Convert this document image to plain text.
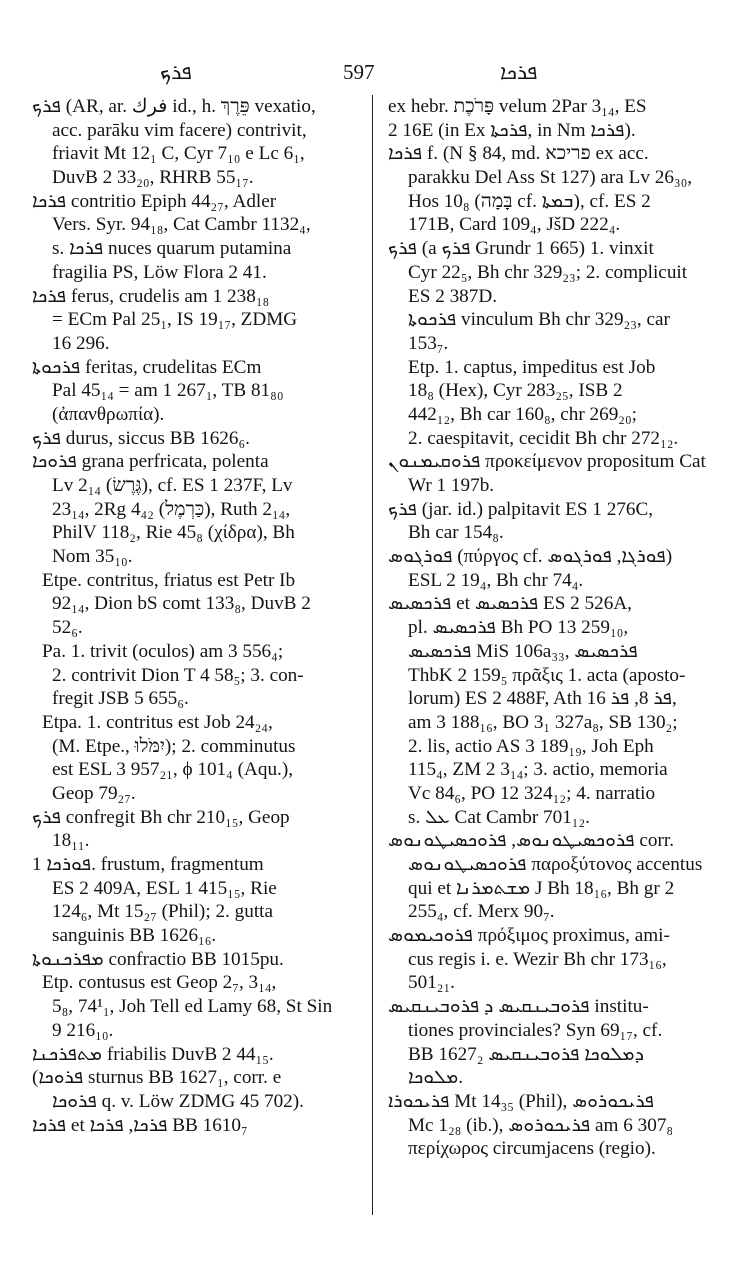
ܦܪܟ	597	ܦܪܟܐ
ܦܪܟ (AR, ar. ف‍رك id., h. פֵּרֶךְ vexatio,
acc. parāku vim facere) contrivit,
friavit Mt 12₁ C, Cyr 7₁₀ e Lc 6₁,
DuvB 2 33₂₀, RHRB 55₁₇.
ܦܪܟܐ contritio Epiph 44₂₇, Adler
Vers. Syr. 94₁₈, Cat Cambr 1132₄,
s. ܦܪܟܐ nuces quarum putamina
fragilia PS, Löw Flora 2 41.
ܦܪܟܐ ferus, crudelis am 1 238₁₈
= ECm Pal 25₁, IS 19₁₇, ZDMG
16 296.
ܦܪܟܘܬܐ feritas, crudelitas ECm
Pal 45₁₄ = am 1 267₁, TB 81₈₀
(ἀπανθρωπία).
ܦܪܟ durus, siccus BB 1626₆.
ܦܪܘܟܐ grana perfricata, polenta
Lv 2₁₄ (גֶּרֶשׂ), cf. ES 1 237F, Lv
23₁₄, 2Rg 4₄₂ (כַּרְמֶל), Ruth 2₁₄,
PhilV 118₂, Rie 45₈ (χίδρα), Bh
Nom 35₁₀.
Etpe. contritus, friatus est Petr Ib
92₁₄, Dion bS comt 133₈, DuvB 2
52₆.
Pa. 1. trivit (oculos) am 3 556₄;
2. contrivit Dion T 4 58₅; 3. con-
fregit JSB 5 655₆.
Etpa. 1. contritus est Job 24₂₄,
(M. Etpe., יִמֹּלוּ); 2. comminutus
est ESL 3 957₂₁, ϕ 101₄ (Aqu.),
Geop 79₂₇.
ܦܪܟ confregit Bh chr 210₁₅, Geop
18₁₁.
ܦܘܪܟܐ 1. frustum, fragmentum
ES 2 409A, ESL 1 415₁₅, Rie
124₆, Mt 15₂₇ (Phil); 2. gutta
sanguinis BB 1626₁₆.
ܡܦܪܟܢܘܬܐ confractio BB 1015pu.
Etp. contusus est Geop 2₇, 3₁₄,
5₈, 74¹₁, Joh Tell ed Lamy 68, St Sin
9 216₁₀.
ܡܬܦܪܟܢܐ friabilis DuvB 2 44₁₅.
(ܦܪܘܟܐ sturnus BB 1627₁, corr. e
ܦܪܘܟܐ q. v. Löw ZDMG 45 702).
ܦܪܟܐ et ܦܪܟܐ, ܦܪܟܐ BB 1610₇
ex hebr. פָּרֹכֶת velum 2Par 3₁₄, ES
2 16E (in Ex ܦܪܟܬܐ, in Nm ܦܪܟܐ).
ܦܪܟܐ f. (N § 84, md. פריכא ex acc.
parakku Del Ass St 127) ara Lv 26₃₀,
Hos 10₈ (בָּמָה cf. ܒܡܬܐ), cf. ES 2
171B, Card 109₄, JšD 222₄.
ܦܪܟ (a ܦܪܟ Grundr 1 665) 1. vinxit
Cyr 22₅, Bh chr 329₂₃; 2. complicuit
ES 2 387D.
ܦܪܟܘܬܐ vinculum Bh chr 329₂₃, car
153₇.
Etp. 1. captus, impeditus est Job
18₈ (Hex), Cyr 283₂₅, ISB 2
442₁₂, Bh car 160₈, chr 269₂₀;
2. caespitavit, cecidit Bh chr 272₁₂.
ܦܪܘܩܝܡܢܘܢ προκείμενον propositum Cat
Wr 1 197b.
ܦܪܟ (jar. id.) palpitavit ES 1 276C,
Bh car 154₈.
ܦܘܪܓܘܣ (πύργος cf. ܦܘܪܓܐ, ܦܘܪܓܘܣ)
ESL 2 19₄, Bh chr 74₄.
ܦܪܟܣܝܣ et ܦܪܟܣܝܣ ES 2 526A,
pl. ܦܪܟܣܝܣ Bh PO 13 259₁₀,
ܦܪܟܣܝܣ MiS 106a₃₃, ܦܪܟܣܝܣ
ThbK 2 159₅ πρᾶξις 1. acta (aposto-
lorum) ES 2 488F, Ath ܦܪ 8, ܦܪ 16,
am 3 188₁₆, BO 3₁ 327a₈, SB 130₂;
2. lis, actio AS 3 189₁₉, Joh Eph
115₄, ZM 2 3₁₄; 3. actio, memoria
Vc 84₆, PO 12 324₁₂; 4. narratio
s. ܥܠ Cat Cambr 701₁₂.
ܦܪܘܟܣܝܛܘܢܘܣ, ܦܪܘܟܣܝܛܘܢܘܣ corr.
ܦܪܘܟܣܝܛܘܢܘܣ παροξύτονος accentus
qui et ܡܫܬܡܪܢܐ J Bh 18₁₆, Bh gr 2
255₄, cf. Merx 90₇.
ܦܪܘܟܝܡܘܣ πρόξιμος proximus, ami-
cus regis i. e. Wezir Bh chr 173₁₆,
501₂₁.
ܦܪܘܒܝܢܩܝܣ ܕ ܦܪܘܒܝܢܩܝܣ institu-
tiones provinciales? Syn 69₁₇, cf.
BB 1627₂ ܕܡܠܘܟܐ ܦܪܘܒܝܢܩܝܣ
ܡܠܘܟܐ.
ܦܪܝܟܘܪܐ Mt 14₃₅ (Phil), ܦܪܝܟܘܪܘܣ
Mc 1₂₈ (ib.), ܦܪܝܟܘܪܘܣ am 6 307₈
περίχωρος circumjacens (regio).
